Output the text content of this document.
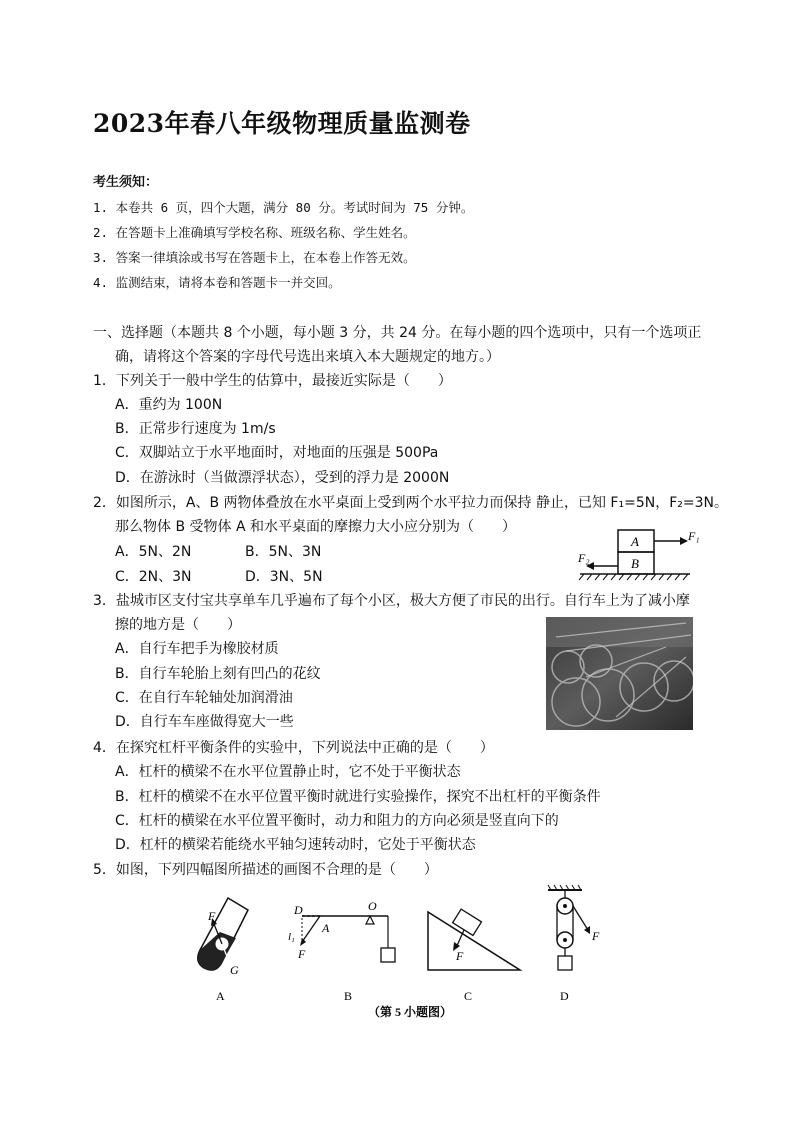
2023年春八年级物理质量监测卷
考生须知：
1. 本卷共 6 页，四个大题，满分 80 分。考试时间为 75 分钟。
2. 在答题卡上准确填写学校名称、班级名称、学生姓名。
3. 答案一律填涂或书写在答题卡上，在本卷上作答无效。
4. 监测结束，请将本卷和答题卡一并交回。
一、选择题（本题共 8 个小题，每小题 3 分，共 24 分。在每小题的四个选项中，只有一个选项正
确，请将这个答案的字母代号选出来填入本大题规定的地方。）
1．下列关于一般中学生的估算中，最接近实际是（　　）
A．重约为 100N
B．正常步行速度为 1m/s
C．双脚站立于水平地面时，对地面的压强是 500Pa
D．在游泳时（当做漂浮状态），受到的浮力是 2000N
2．如图所示，A、B 两物体叠放在水平桌面上受到两个水平拉力而保持 静止，已知 F₁=5N，F₂=3N。
那么物体 B 受物体 A 和水平桌面的摩擦力大小应分别为（　　）
A．5N、2N	B．5N、3N
C．2N、3N	D．3N、5N
A
B
F₁
F₂
3．盐城市区支付宝共享单车几乎遍布了每个小区，极大方便了市民的出行。自行车上为了减小摩
擦的地方是（　　）
A．自行车把手为橡胶材质
B．自行车轮胎上刻有凹凸的花纹
C．在自行车轮轴处加润滑油
D．自行车车座做得宽大一些
4．在探究杠杆平衡条件的实验中，下列说法中正确的是（　　）
A．杠杆的横梁不在水平位置静止时，它不处于平衡状态
B．杠杆的横梁不在水平位置平衡时就进行实验操作，探究不出杠杆的平衡条件
C．杠杆的横梁在水平位置平衡时，动力和阻力的方向必须是竖直向下的
D．杠杆的横梁若能绕水平轴匀速转动时，它处于平衡状态
5．如图，下列四幅图所描述的画图不合理的是（　　）
F
G
A
D	O
A
l₁
F
B
F
C
F
D
（第 5 小题图）
